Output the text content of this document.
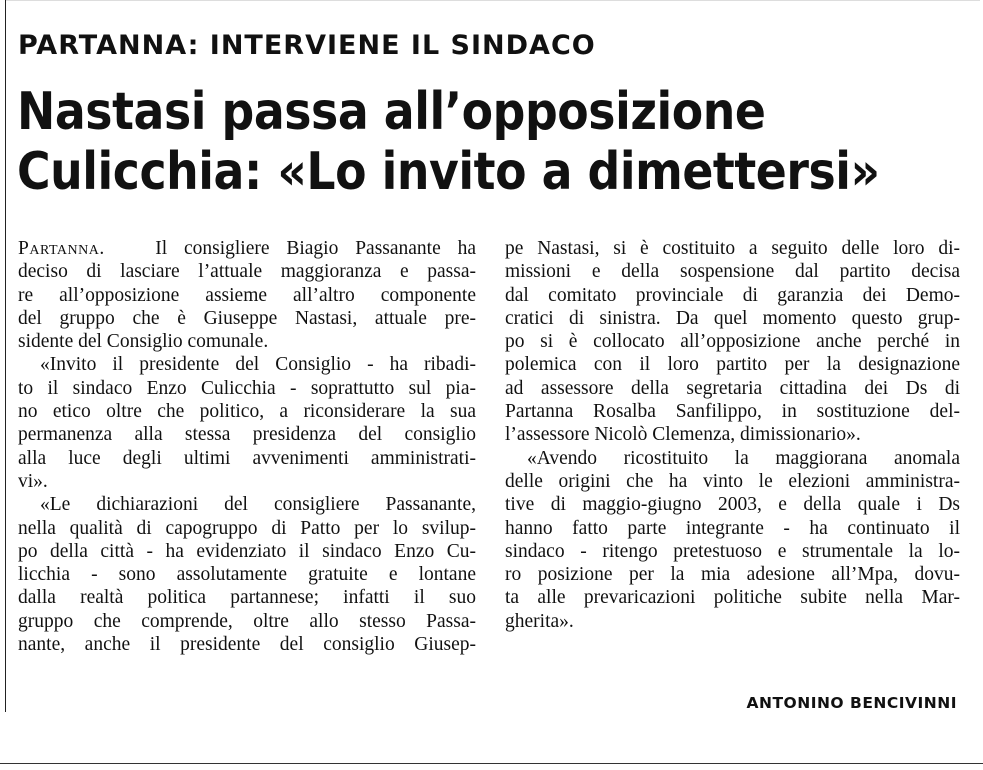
PARTANNA: INTERVIENE IL SINDACO
Nastasi passa all’opposizione
Culicchia: «Lo invito a dimettersi»
Partanna.	Il consigliere Biagio Passanante ha
deciso di lasciare l’attuale maggioranza e passa-
re all’opposizione assieme all’altro componente
del gruppo che è Giuseppe Nastasi, attuale pre-
sidente del Consiglio comunale.
«Invito il presidente del Consiglio - ha ribadi-
to il sindaco Enzo Culicchia - soprattutto sul pia-
no etico oltre che politico, a riconsiderare la sua
permanenza alla stessa presidenza del consiglio
alla luce degli ultimi avvenimenti amministrati-
vi».
«Le dichiarazioni del consigliere Passanante,
nella qualità di capogruppo di Patto per lo svilup-
po della città - ha evidenziato il sindaco Enzo Cu-
licchia - sono assolutamente gratuite e lontane
dalla realtà politica partannese; infatti il suo
gruppo che comprende, oltre allo stesso Passa-
nante, anche il presidente del consiglio Giusep-
pe Nastasi, si è costituito a seguito delle loro di-
missioni e della sospensione dal partito decisa
dal comitato provinciale di garanzia dei Demo-
cratici di sinistra. Da quel momento questo grup-
po si è collocato all’opposizione anche perché in
polemica con il loro partito per la designazione
ad assessore della segretaria cittadina dei Ds di
Partanna Rosalba Sanfilippo, in sostituzione del-
l’assessore Nicolò Clemenza, dimissionario».
«Avendo ricostituito la maggiorana anomala
delle origini che ha vinto le elezioni amministra-
tive di maggio-giugno 2003, e della quale i Ds
hanno fatto parte integrante - ha continuato il
sindaco - ritengo pretestuoso e strumentale la lo-
ro posizione per la mia adesione all’Mpa, dovu-
ta alle prevaricazioni politiche subite nella Mar-
gherita».
ANTONINO BENCIVINNI
